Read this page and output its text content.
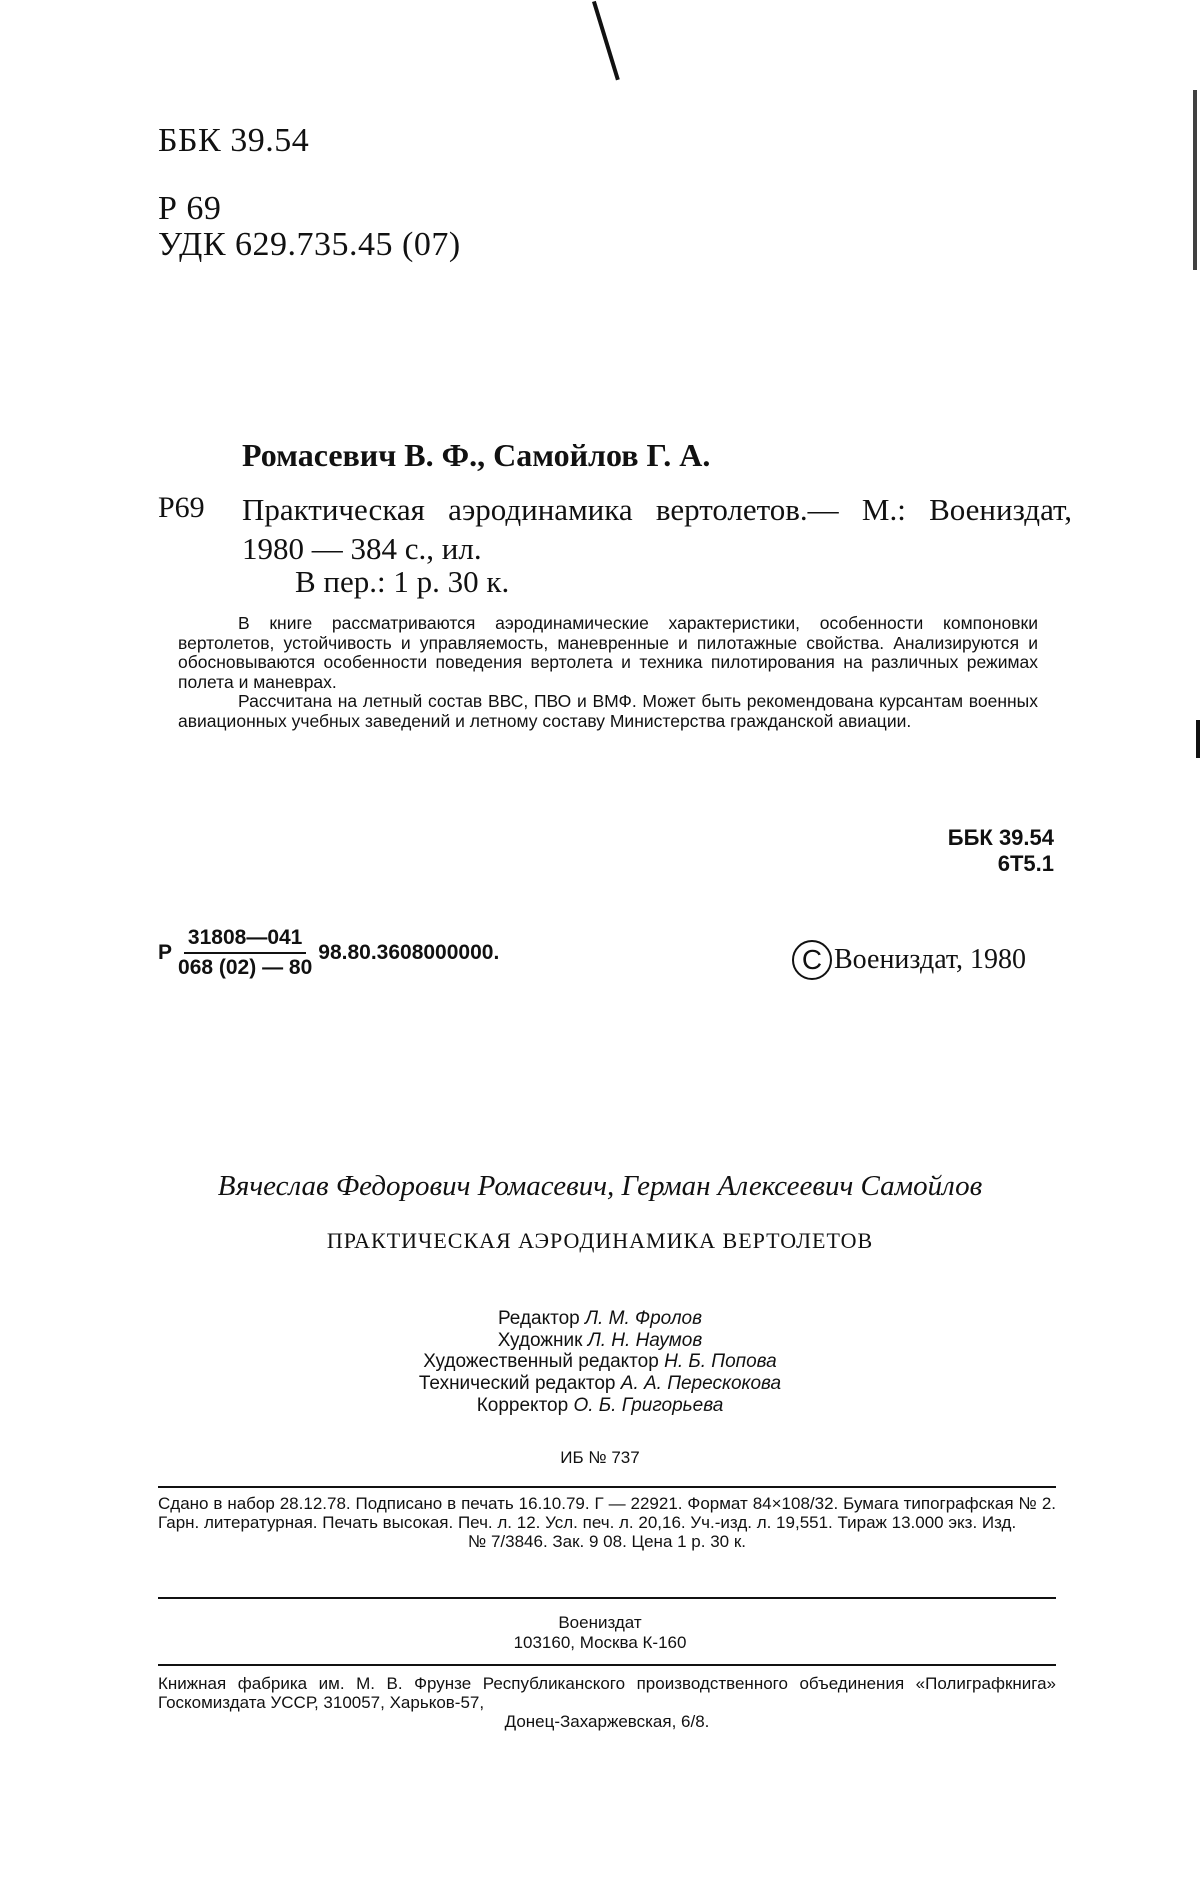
ББК 39.54
Р 69
УДК 629.735.45 (07)
Ромасевич В. Ф., Самойлов Г. А.
Р69 Практическая аэродинамика вертолетов.— М.: Воениздат, 1980 — 384 с., ил.
В пер.: 1 р. 30 к.

В книге рассматриваются аэродинамические характеристики, особенности компоновки вертолетов, устойчивость и управляемость, маневренные и пилотажные свойства. Анализируются и обосновываются особенности поведения вертолета и техника пилотирования на различных режимах полета и маневрах.

Рассчитана на летный состав ВВС, ПВО и ВМФ. Может быть рекомендована курсантам военных авиационных учебных заведений и летному составу Министерства гражданской авиации.

ББК 39.54
6Т5.1
Р $\frac{31808—041}{068 (02) — 80} 98.80.3608000000$.	C Воениздат, 1980
Вячеслав Федорович Ромасевич, Герман Алексеевич Самойлов
ПРАКТИЧЕСКАЯ АЭРОДИНАМИКА ВЕРТОЛЕТОВ
Редактор Л. М. Фролов
Художник Л. Н. Наумов
Художественный редактор Н. Б. Попова
Технический редактор А. А. Перескокова
Корректор О. Б. Григорьева
ИБ № 737
Сдано в набор 28.12.78. Подписано в печать 16.10.79. Г — 22921. Формат 84×108/32. Бумага типографская № 2. Гарн. литературная. Печать высокая. Печ. л. 12. Усл. печ. л. 20,16. Уч.-изд. л. 19,551. Тираж 13.000 экз. Изд.
№ 7/3846. Зак. 9 08. Цена 1 р. 30 к.
Воениздат
103160, Москва К-160
Книжная фабрика им. М. В. Фрунзе Республиканского производственного объединения «Полиграфкнига» Госкомиздата УССР, 310057, Харьков-57,
Донец-Захаржевская, 6/8.
